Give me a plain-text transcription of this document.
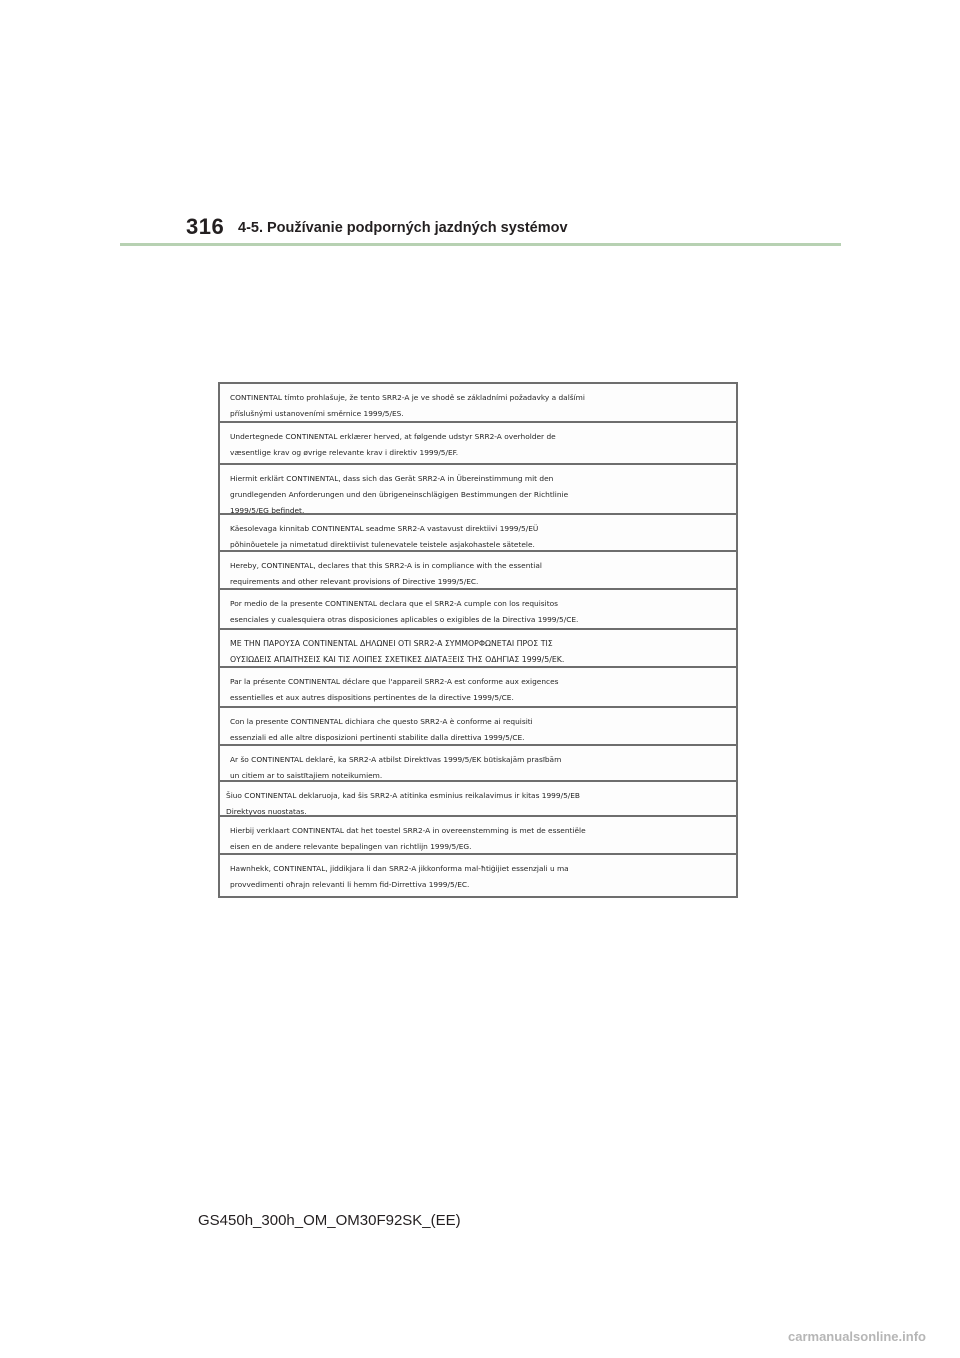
316 4-5. Používanie podporných jazdných systémov
CONTINENTAL tímto prohlašuje, že tento SRR2-A je ve shodě se základními požadavky a dalšími
příslušnými ustanoveními směrnice 1999/5/ES.
Undertegnede CONTINENTAL erklærer herved, at følgende udstyr SRR2-A overholder de
væsentlige krav og øvrige relevante krav i direktiv 1999/5/EF.
Hiermit erklärt CONTINENTAL, dass sich das Gerät SRR2-A in Übereinstimmung mit den
grundlegenden Anforderungen und den übrigeneinschlägigen Bestimmungen der Richtlinie
1999/5/EG befindet.
Käesolevaga kinnitab CONTINENTAL seadme SRR2-A vastavust direktiivi 1999/5/EÜ
põhinõuetele ja nimetatud direktiivist tulenevatele teistele asjakohastele sätetele.
Hereby, CONTINENTAL, declares that this SRR2-A is in compliance with the essential
requirements and other relevant provisions of Directive 1999/5/EC.
Por medio de la presente CONTINENTAL declara que el SRR2-A cumple con los requisitos
esenciales y cualesquiera otras disposiciones aplicables o exigibles de la Directiva 1999/5/CE.
ΜΕ ΤΗΝ ΠΑΡΟΥΣΑ CONTINENTAL ΔΗΛΩΝΕΙ ΟΤΙ SRR2-A ΣΥΜΜΟΡΦΩΝΕΤΑΙ ΠΡΟΣ ΤΙΣ
ΟΥΣΙΩΔΕΙΣ ΑΠΑΙΤΗΣΕΙΣ ΚΑΙ ΤΙΣ ΛΟΙΠΕΣ ΣΧΕΤΙΚΕΣ ΔΙΑΤΑΞΕΙΣ ΤΗΣ ΟΔΗΓΙΑΣ 1999/5/ΕΚ.
Par la présente CONTINENTAL déclare que l'appareil SRR2-A est conforme aux exigences
essentielles et aux autres dispositions pertinentes de la directive 1999/5/CE.
Con la presente CONTINENTAL dichiara che questo SRR2-A è conforme ai requisiti
essenziali ed alle altre disposizioni pertinenti stabilite dalla direttiva 1999/5/CE.
Ar šo CONTINENTAL deklarē, ka SRR2-A atbilst Direktīvas 1999/5/EK būtiskajām prasībām
un citiem ar to saistītajiem noteikumiem.
Šiuo CONTINENTAL deklaruoja, kad šis SRR2-A atitinka esminius reikalavimus ir kitas 1999/5/EB
Direktyvos nuostatas.
Hierbij verklaart CONTINENTAL dat het toestel SRR2-A in overeenstemming is met de essentiële
eisen en de andere relevante bepalingen van richtlijn 1999/5/EG.
Hawnhekk, CONTINENTAL, jiddikjara li dan SRR2-A jikkonforma mal-ħtiġijiet essenzjali u ma
provvedimenti oħrajn relevanti li hemm fid-Dirrettiva 1999/5/EC.
GS450h_300h_OM_OM30F92SK_(EE)
carmanualsonline.info
